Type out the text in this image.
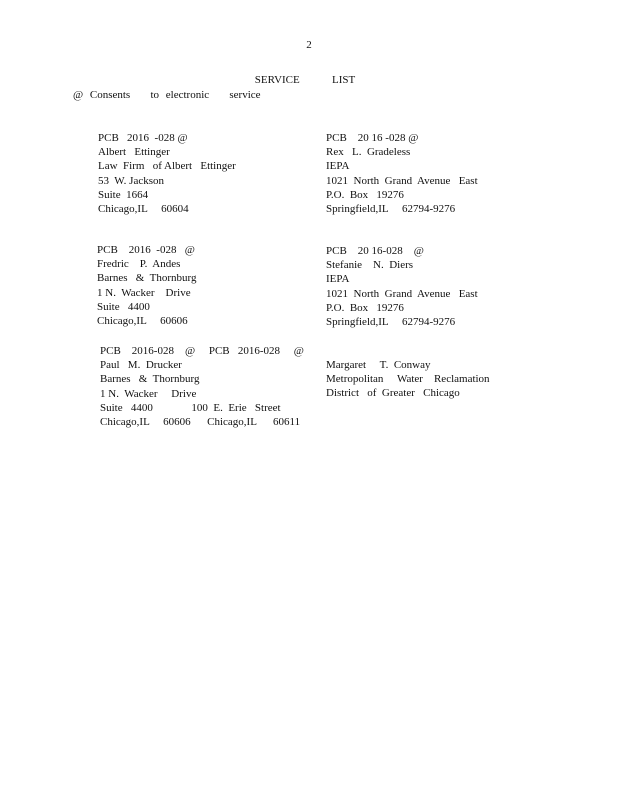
2
SERVICE   LIST
@ Consents   to electronic   service
PCB   2016  -028 @
Albert   Ettinger
Law  Firm   of Albert   Ettinger
53  W. Jackson
Suite  1664
Chicago,IL     60604
PCB    20 16 -028 @
Rex   L.  Gradeless
IEPA
1021  North  Grand  Avenue   East
P.O.  Box   19276
Springfield,IL     62794-9276
PCB    2016  -028   @
Fredric    P.  Andes
Barnes   &  Thornburg
1 N.  Wacker    Drive
Suite   4400
Chicago,IL     60606
PCB    20 16-028    @
Stefanie    N.  Diers
IEPA
1021  North  Grand  Avenue   East
P.O.  Box   19276
Springfield,IL     62794-9276
PCB    2016-028    @     PCB   2016-028     @
Paul   M.  Drucker
Barnes   &  Thornburg
1 N.  Wacker     Drive
Suite   4400              100  E.  Erie   Street
Chicago,IL     60606      Chicago,IL      60611
Margaret     T.  Conway
Metropolitan     Water    Reclamation
District   of  Greater   Chicago
